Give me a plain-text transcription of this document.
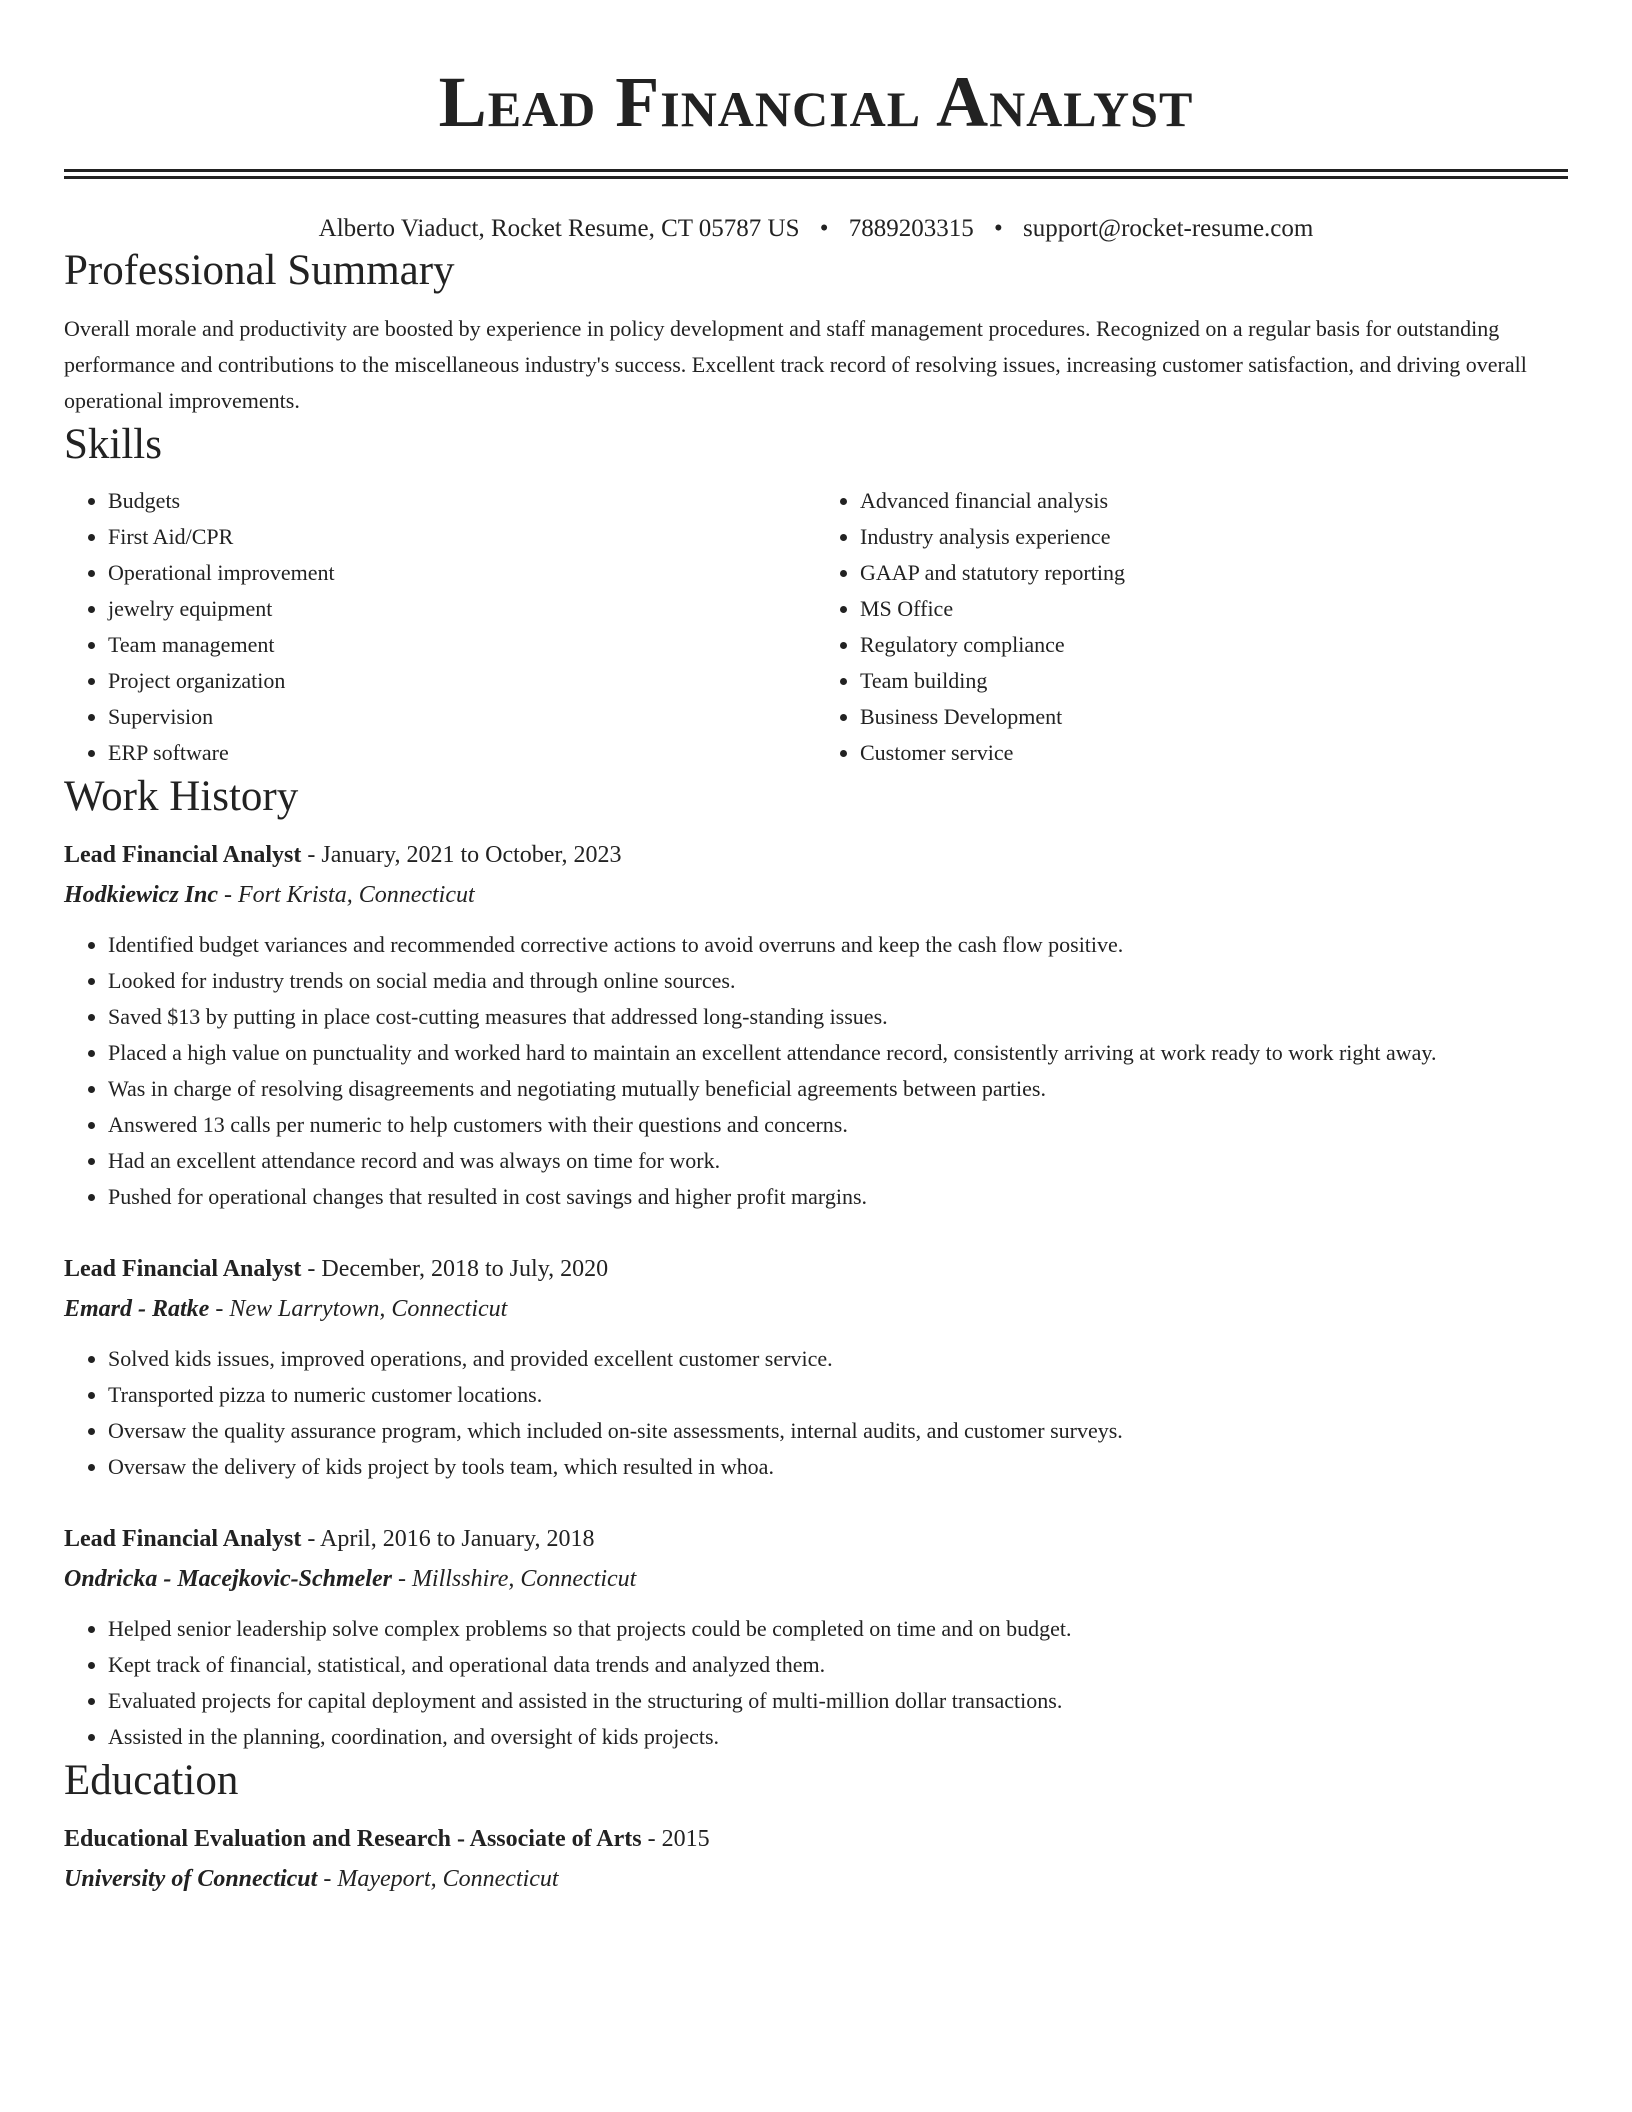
Lead Financial Analyst
Alberto Viaduct, Rocket Resume, CT 05787 US • 7889203315 • support@rocket-resume.com
Professional Summary
Overall morale and productivity are boosted by experience in policy development and staff management procedures. Recognized on a regular basis for outstanding performance and contributions to the miscellaneous industry's success. Excellent track record of resolving issues, increasing customer satisfaction, and driving overall operational improvements.
Skills
• Budgets
• First Aid/CPR
• Operational improvement
• jewelry equipment
• Team management
• Project organization
• Supervision
• ERP software
• Advanced financial analysis
• Industry analysis experience
• GAAP and statutory reporting
• MS Office
• Regulatory compliance
• Team building
• Business Development
• Customer service
Work History
Lead Financial Analyst - January, 2021 to October, 2023
Hodkiewicz Inc - Fort Krista, Connecticut
• Identified budget variances and recommended corrective actions to avoid overruns and keep the cash flow positive.
• Looked for industry trends on social media and through online sources.
• Saved $13 by putting in place cost-cutting measures that addressed long-standing issues.
• Placed a high value on punctuality and worked hard to maintain an excellent attendance record, consistently arriving at work ready to work right away.
• Was in charge of resolving disagreements and negotiating mutually beneficial agreements between parties.
• Answered 13 calls per numeric to help customers with their questions and concerns.
• Had an excellent attendance record and was always on time for work.
• Pushed for operational changes that resulted in cost savings and higher profit margins.
Lead Financial Analyst - December, 2018 to July, 2020
Emard - Ratke - New Larrytown, Connecticut
• Solved kids issues, improved operations, and provided excellent customer service.
• Transported pizza to numeric customer locations.
• Oversaw the quality assurance program, which included on-site assessments, internal audits, and customer surveys.
• Oversaw the delivery of kids project by tools team, which resulted in whoa.
Lead Financial Analyst - April, 2016 to January, 2018
Ondricka - Macejkovic-Schmeler - Millsshire, Connecticut
• Helped senior leadership solve complex problems so that projects could be completed on time and on budget.
• Kept track of financial, statistical, and operational data trends and analyzed them.
• Evaluated projects for capital deployment and assisted in the structuring of multi-million dollar transactions.
• Assisted in the planning, coordination, and oversight of kids projects.
Education
Educational Evaluation and Research - Associate of Arts - 2015
University of Connecticut - Mayeport, Connecticut
